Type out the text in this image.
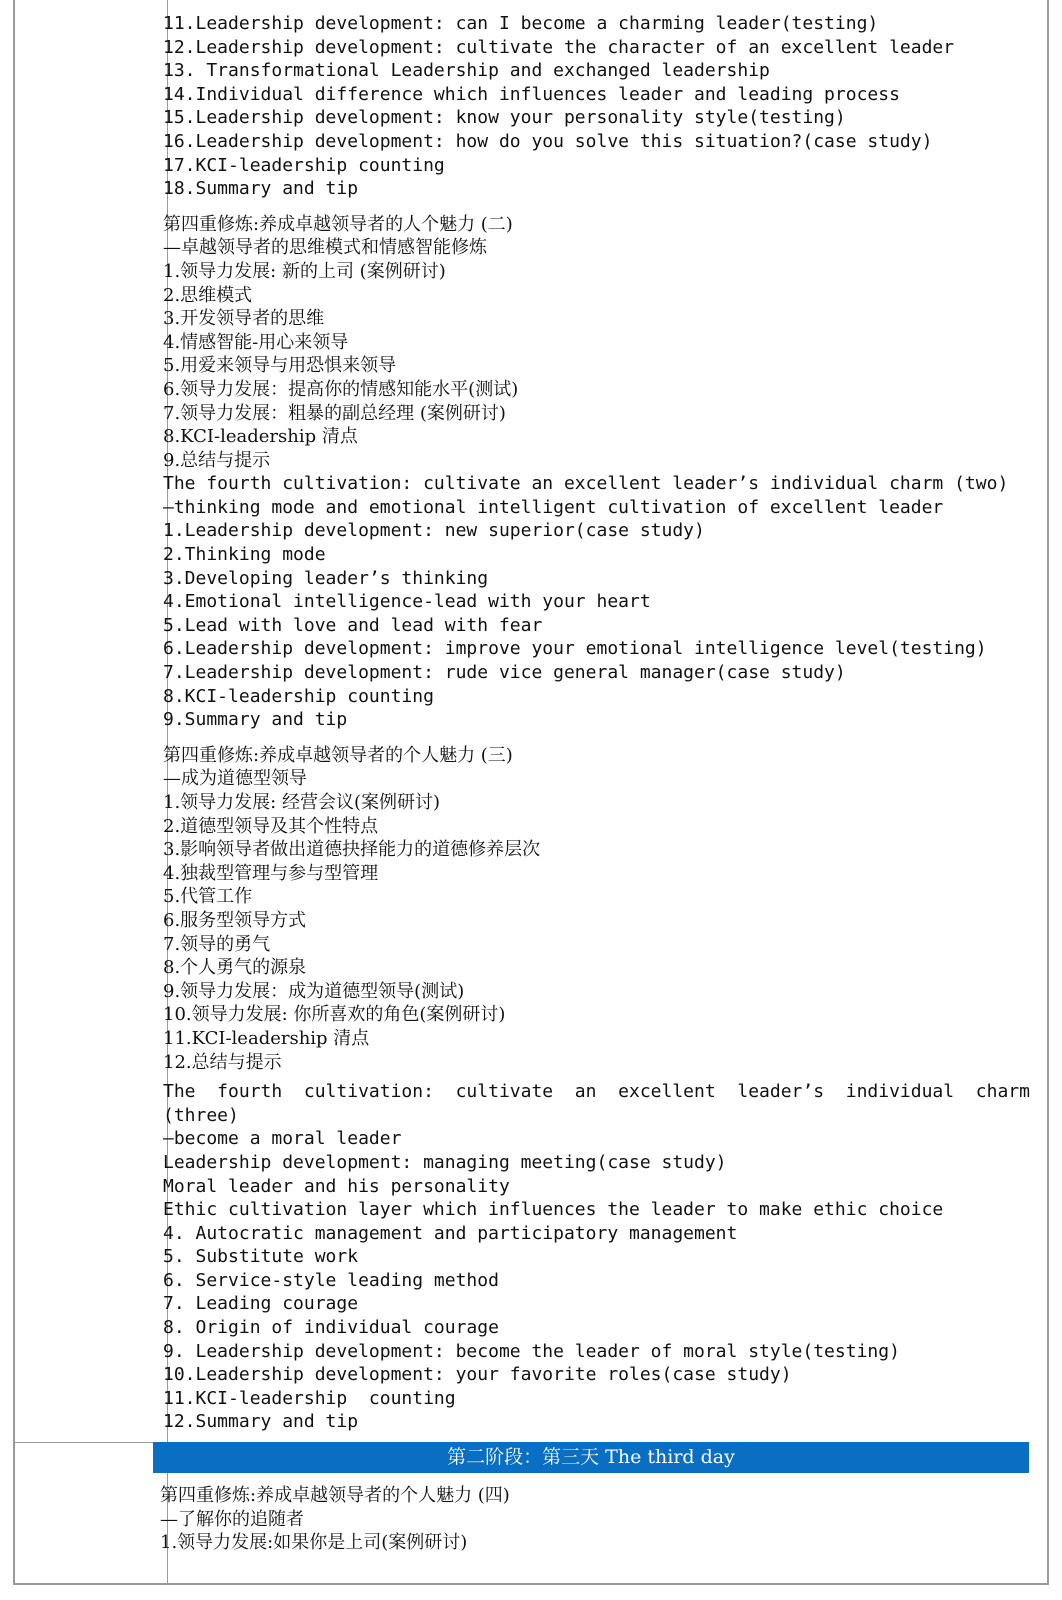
11.Leadership development: can I become a charming leader(testing)
12.Leadership development: cultivate the character of an excellent leader
13. Transformational Leadership and exchanged leadership
14.Individual difference which influences leader and leading process
15.Leadership development: know your personality style(testing)
16.Leadership development: how do you solve this situation?(case study)
17.KCI-leadership counting
18.Summary and tip
第四重修炼:养成卓越领导者的人个魅力 (二)
—卓越领导者的思维模式和情感智能修炼
1.领导力发展: 新的上司 (案例研讨)
2.思维模式
3.开发领导者的思维
4.情感智能-用心来领导
5.用爱来领导与用恐惧来领导
6.领导力发展：提高你的情感知能水平(测试)
7.领导力发展：粗暴的副总经理 (案例研讨)
8.KCI-leadership 清点
9.总结与提示
The fourth cultivation: cultivate an excellent leader’s individual charm (two)
—thinking mode and emotional intelligent cultivation of excellent leader
1.Leadership development: new superior(case study)
2.Thinking mode
3.Developing leader’s thinking
4.Emotional intelligence-lead with your heart
5.Lead with love and lead with fear
6.Leadership development: improve your emotional intelligence level(testing)
7.Leadership development: rude vice general manager(case study)
8.KCI-leadership counting
9.Summary and tip
第四重修炼:养成卓越领导者的个人魅力 (三)
—成为道德型领导
1.领导力发展: 经营会议(案例研讨)
2.道德型领导及其个性特点
3.影响领导者做出道德抉择能力的道德修养层次
4.独裁型管理与参与型管理
5.代管工作
6.服务型领导方式
7.领导的勇气
8.个人勇气的源泉
9.领导力发展：成为道德型领导(测试)
10.领导力发展: 你所喜欢的角色(案例研讨)
11.KCI-leadership 清点
12.总结与提示
The  fourth  cultivation:  cultivate  an  excellent  leader’s  individual  charm
(three)
—become a moral leader
Leadership development: managing meeting(case study)
Moral leader and his personality
Ethic cultivation layer which influences the leader to make ethic choice
4. Autocratic management and participatory management
5. Substitute work
6. Service-style leading method
7. Leading courage
8. Origin of individual courage
9. Leadership development: become the leader of moral style(testing)
10.Leadership development: your favorite roles(case study)
11.KCI-leadership  counting
12.Summary and tip
第二阶段：第三天 The third day
第四重修炼:养成卓越领导者的个人魅力 (四)
—了解你的追随者
1.领导力发展:如果你是上司(案例研讨)
